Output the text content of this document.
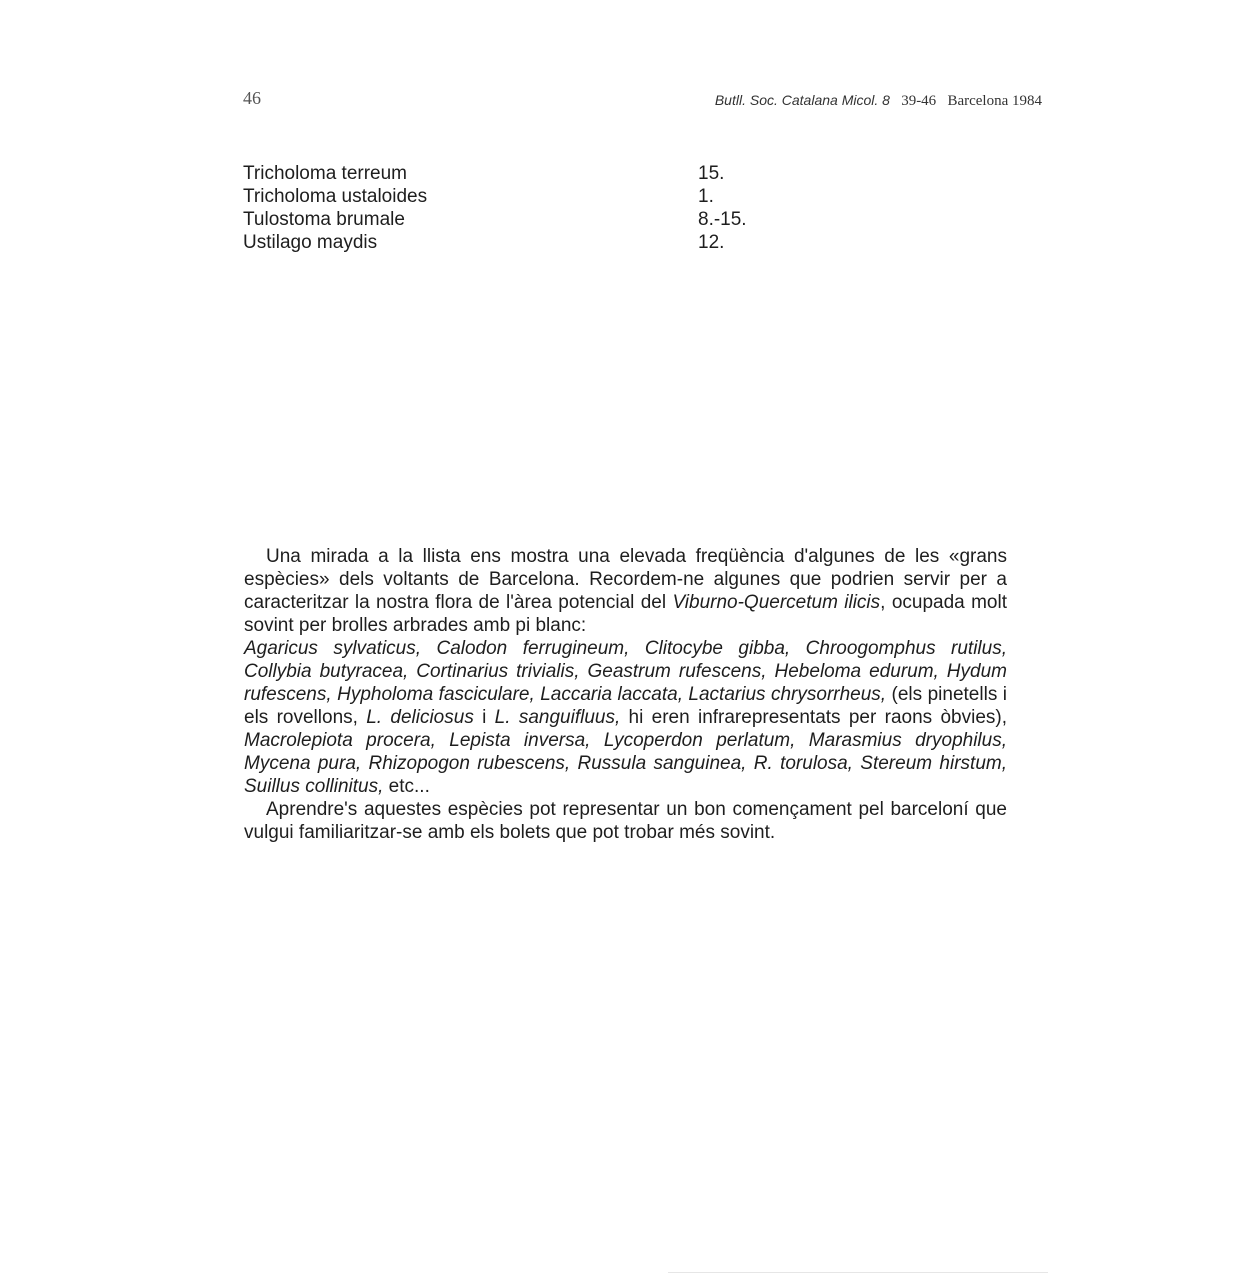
46	Butll. Soc. Catalana Micol. 8 39-46 Barcelona 1984
Tricholoma terreum	15.
Tricholoma ustaloides	1.
Tulostoma brumale	8.-15.
Ustilago maydis	12.

Una mirada a la llista ens mostra una elevada freqüència d'algunes de les «grans espècies» dels voltants de Barcelona. Recordem-ne algunes que podrien servir per a caracteritzar la nostra flora de l'àrea potencial del Viburno-Quercetum ilicis, ocupada molt sovint per brolles arbrades amb pi blanc:

Agaricus sylvaticus, Calodon ferrugineum, Clitocybe gibba, Chroogomphus rutilus, Collybia butyracea, Cortinarius trivialis, Geastrum rufescens, Hebeloma edurum, Hydum rufescens, Hypholoma fasciculare, Laccaria laccata, Lactarius chrysorrheus, (els pinetells i els rovellons, L. deliciosus i L. sanguifluus, hi eren infrarepresentats per raons òbvies), Macrolepiota procera, Lepista inversa, Lycoperdon perlatum, Marasmius dryophilus, Mycena pura, Rhizopogon rubescens, Russula sanguinea, R. torulosa, Stereum hirstum, Suillus collinitus, etc...

Aprendre's aquestes espècies pot representar un bon començament pel barceloní que vulgui familiaritzar-se amb els bolets que pot trobar més sovint.
